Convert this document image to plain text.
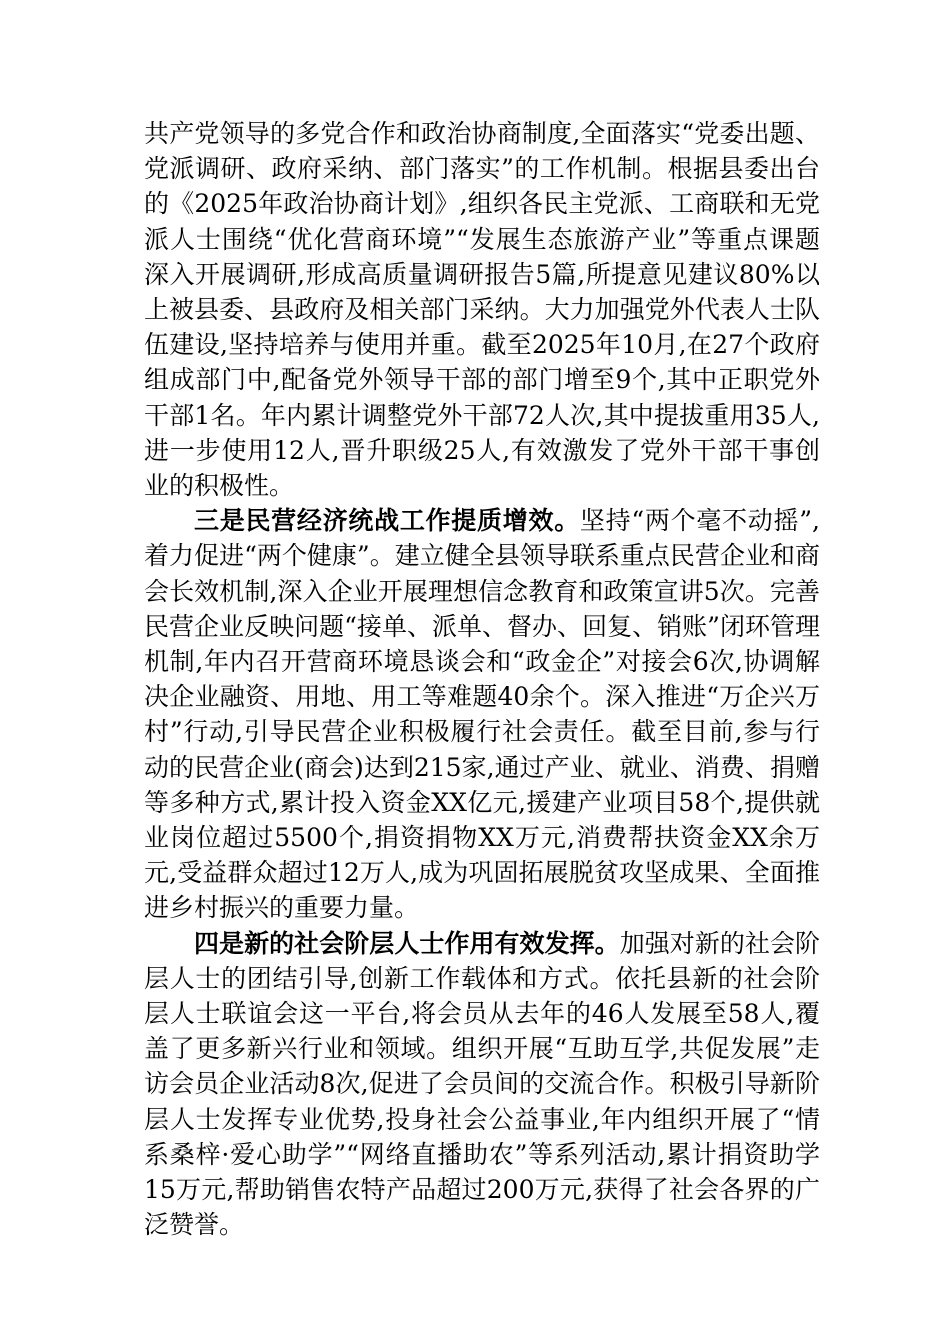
共产党领导的多党合作和政治协商制度,全面落实“党委出题、党派调研、政府采纳、部门落实”的工作机制。根据县委出台的《2025年政治协商计划》,组织各民主党派、工商联和无党派人士围绕“优化营商环境”“发展生态旅游产业”等重点课题深入开展调研,形成高质量调研报告5篇,所提意见建议80%以上被县委、县政府及相关部门采纳。大力加强党外代表人士队伍建设,坚持培养与使用并重。截至2025年10月,在27个政府组成部门中,配备党外领导干部的部门增至9个,其中正职党外干部1名。年内累计调整党外干部72人次,其中提拔重用35人,进一步使用12人,晋升职级25人,有效激发了党外干部干事创业的积极性。

三是民营经济统战工作提质增效。坚持“两个毫不动摇”,着力促进“两个健康”。建立健全县领导联系重点民营企业和商会长效机制,深入企业开展理想信念教育和政策宣讲5次。完善民营企业反映问题“接单、派单、督办、回复、销账”闭环管理机制,年内召开营商环境恳谈会和“政金企”对接会6次,协调解决企业融资、用地、用工等难题40余个。深入推进“万企兴万村”行动,引导民营企业积极履行社会责任。截至目前,参与行动的民营企业(商会)达到215家,通过产业、就业、消费、捐赠等多种方式,累计投入资金XX亿元,援建产业项目58个,提供就业岗位超过5500个,捐资捐物XX万元,消费帮扶资金XX余万元,受益群众超过12万人,成为巩固拓展脱贫攻坚成果、全面推进乡村振兴的重要力量。

四是新的社会阶层人士作用有效发挥。加强对新的社会阶层人士的团结引导,创新工作载体和方式。依托县新的社会阶层人士联谊会这一平台,将会员从去年的46人发展至58人,覆盖了更多新兴行业和领域。组织开展“互助互学,共促发展”走访会员企业活动8次,促进了会员间的交流合作。积极引导新阶层人士发挥专业优势,投身社会公益事业,年内组织开展了“情系桑梓·爱心助学”“网络直播助农”等系列活动,累计捐资助学15万元,帮助销售农特产品超过200万元,获得了社会各界的广泛赞誉。
